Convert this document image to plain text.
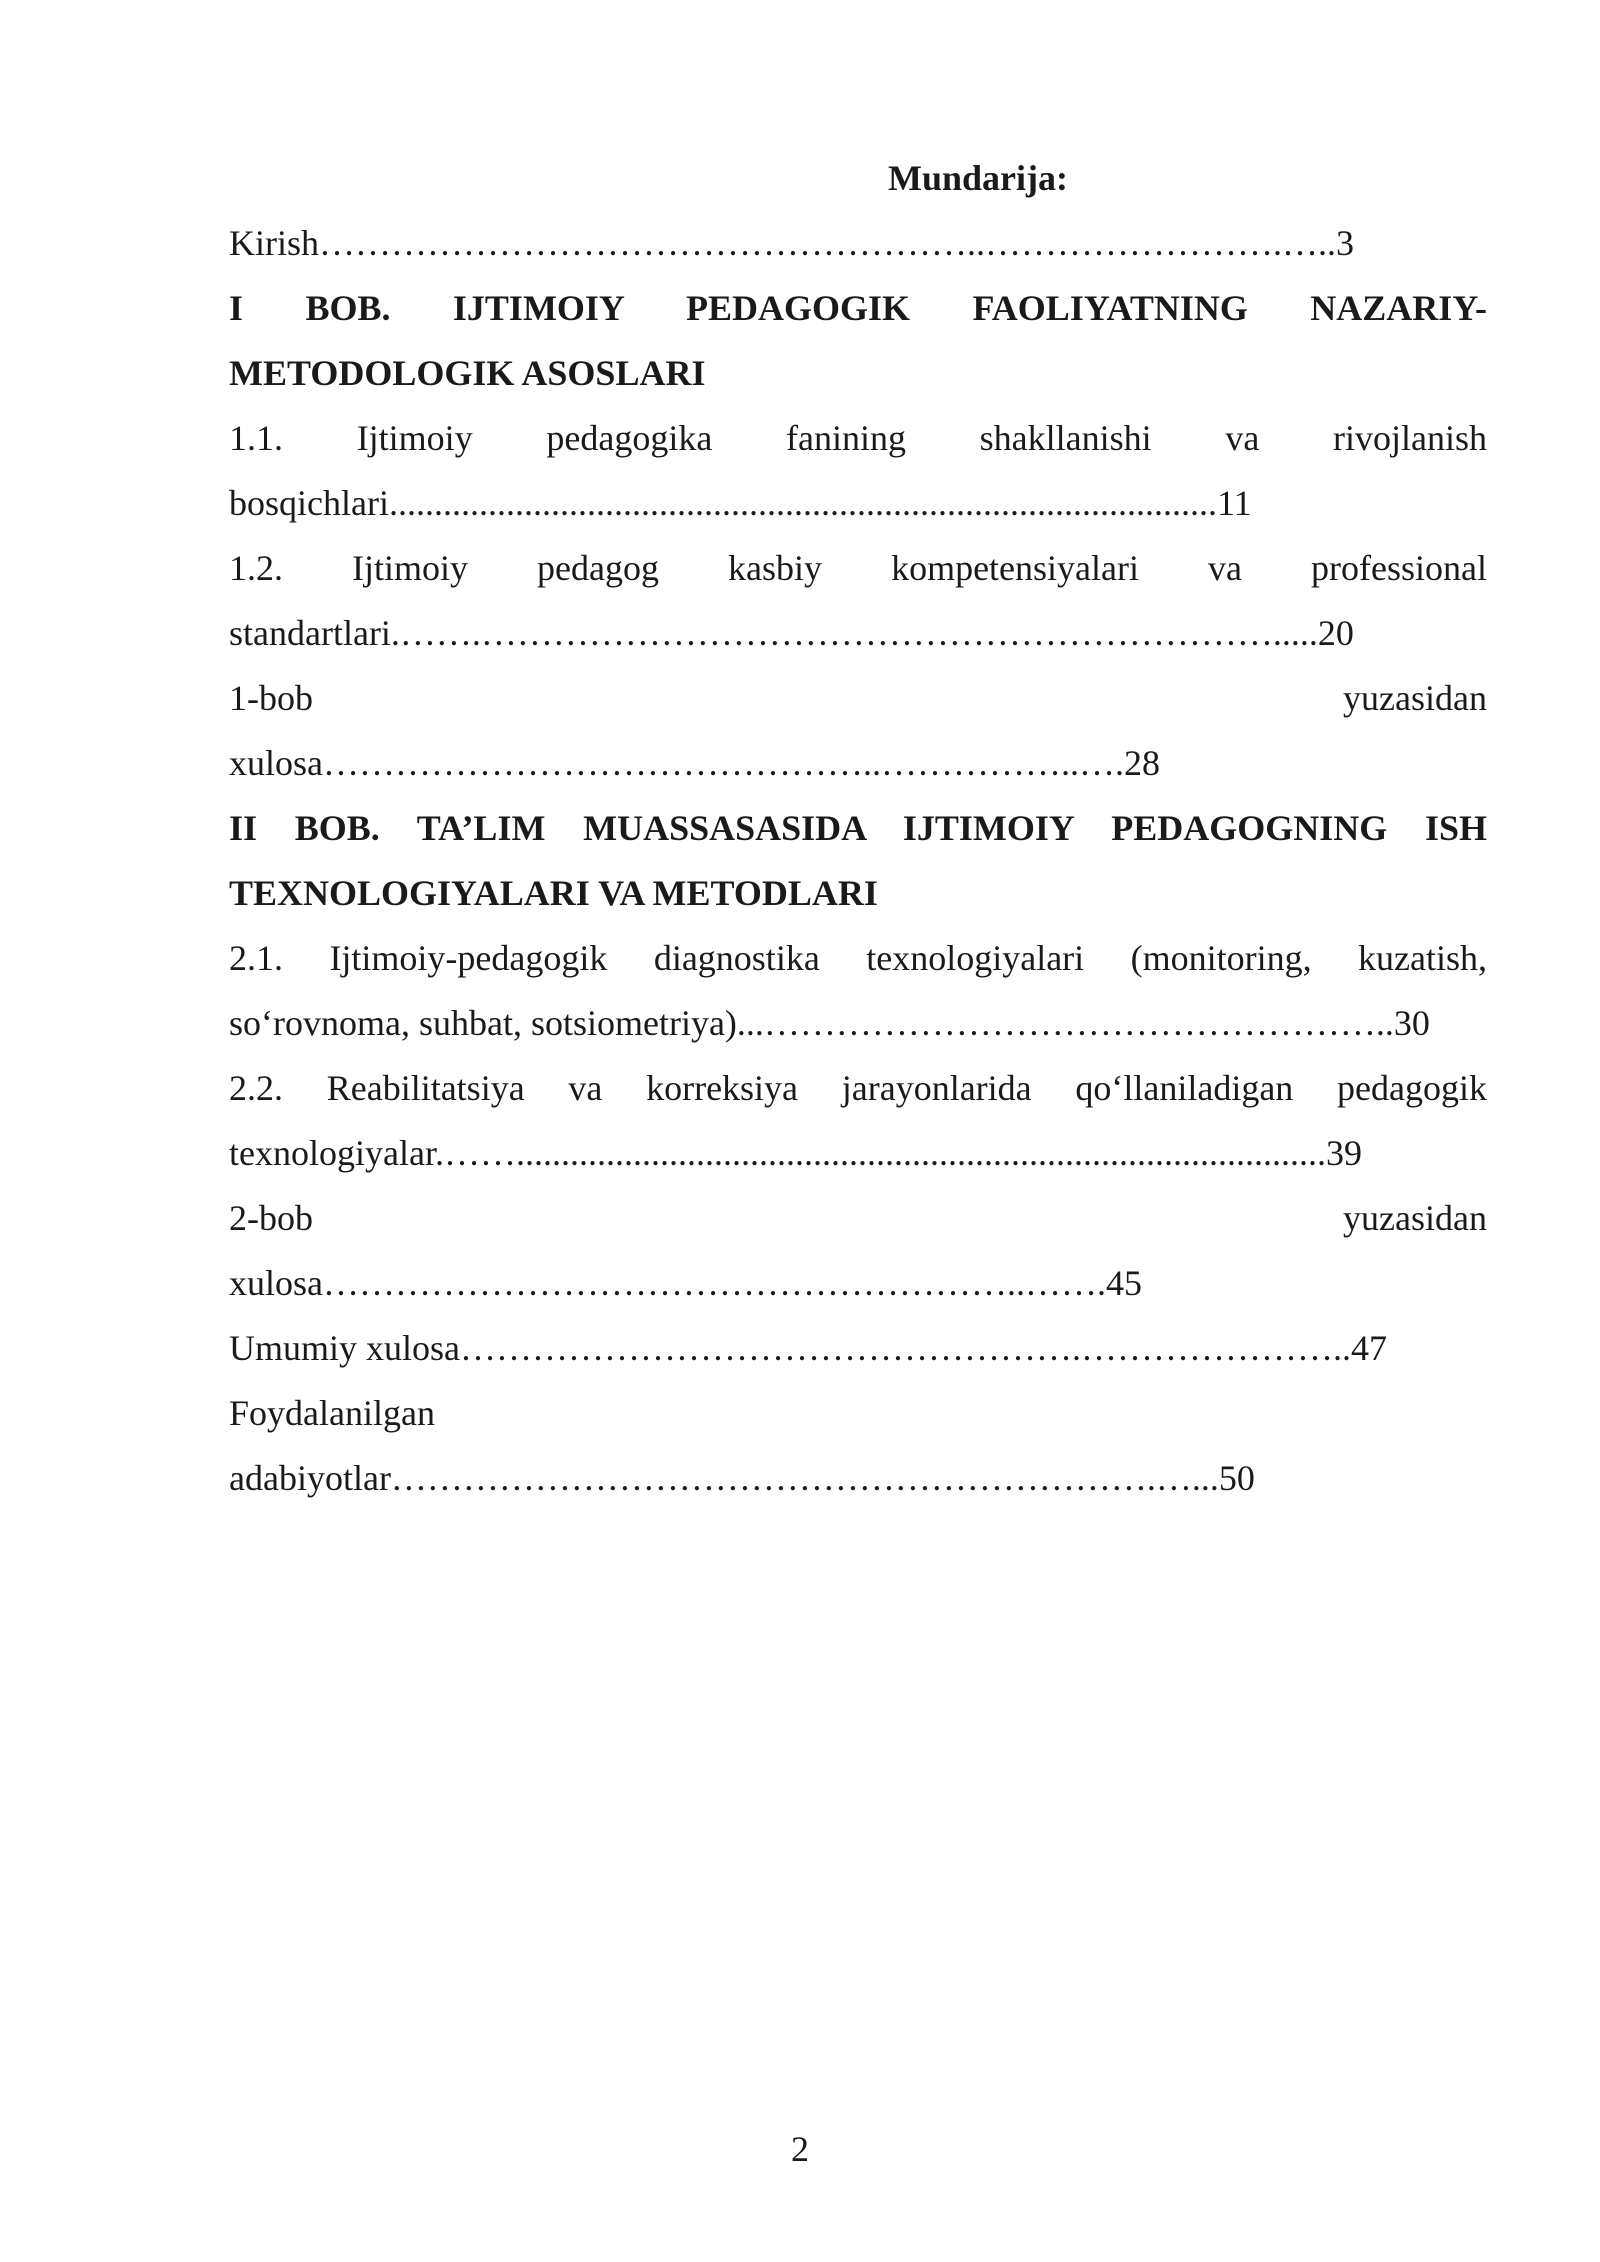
Mundarija:
Kirish………………………………………………..…………………….…..3
I BOB. IJTIMOIY PEDAGOGIK FAOLIYATNING NAZARIY-
METODOLOGIK ASOSLARI
1.1. Ijtimoiy pedagogika fanining shakllanishi va rivojlanish
bosqichlari............................................................................................11
1.2. Ijtimoiy pedagog kasbiy kompetensiyalari va professional
standartlari.…….………………………………………………………….....20
1-bob yuzasidan
xulosa………………………………………..……………..….28
II BOB. TA’LIM MUASSASASIDA IJTIMOIY PEDAGOGNING ISH
TEXNOLOGIYALARI VA METODLARI
2.1. Ijtimoiy-pedagogik diagnostika texnologiyalari (monitoring, kuzatish,
so‘rovnoma, suhbat, sotsiometriya)...……………………………………………..30
2.2. Reabilitatsiya va korreksiya jarayonlarida qo‘llaniladigan pedagogik
texnologiyalar.……..........................................................................................39
2-bob yuzasidan
xulosa…………………………………………………..…….45
Umumiy xulosa…………………………………………….…………………..47
Foydalanilgan
adabiyotlar……………………………………………………….…...50
2
